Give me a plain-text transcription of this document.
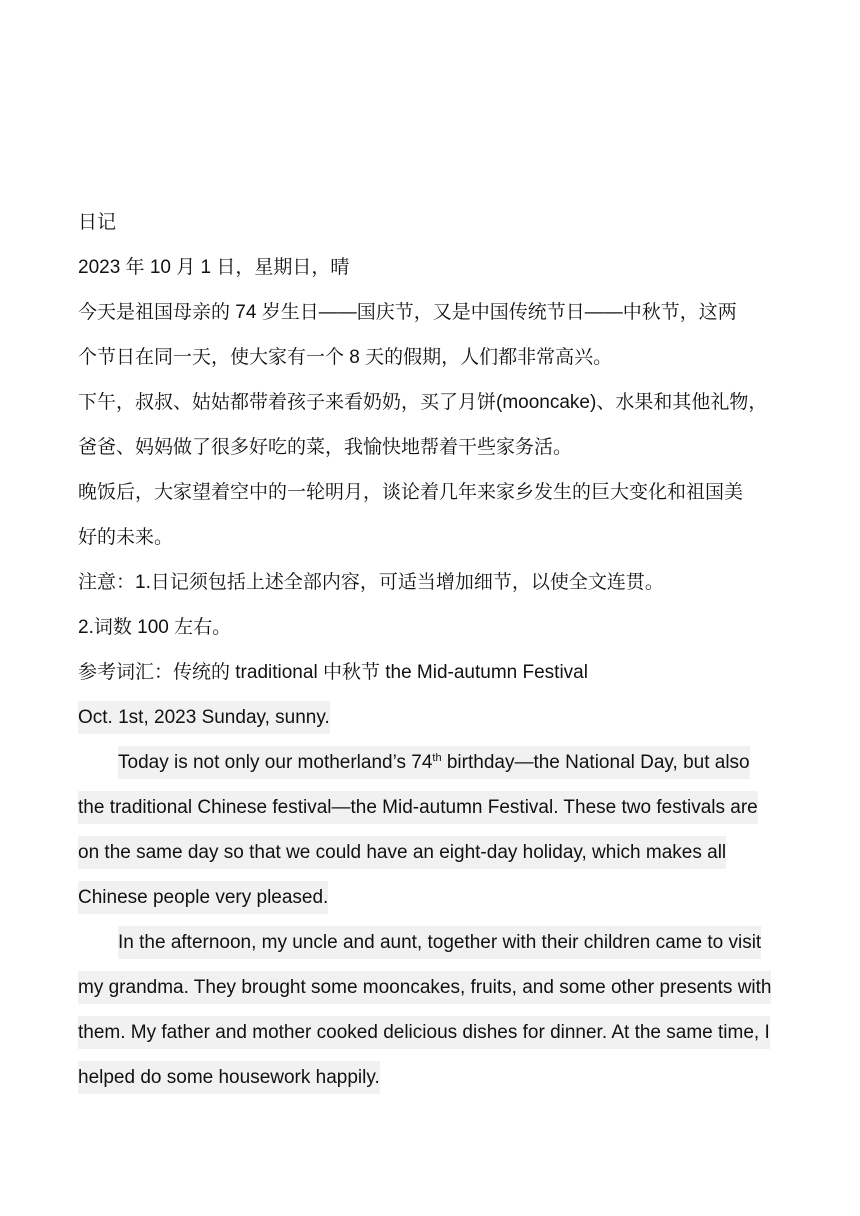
日记
2023 年 10 月 1 日，星期日，晴
今天是祖国母亲的 74 岁生日——国庆节，又是中国传统节日——中秋节，这两
个节日在同一天，使大家有一个 8 天的假期，人们都非常高兴。
下午，叔叔、姑姑都带着孩子来看奶奶，买了月饼(mooncake)、水果和其他礼物，
爸爸、妈妈做了很多好吃的菜，我愉快地帮着干些家务活。
晚饭后，大家望着空中的一轮明月，谈论着几年来家乡发生的巨大变化和祖国美
好的未来。
注意：1.日记须包括上述全部内容，可适当增加细节，以使全文连贯。
2.词数 100 左右。
参考词汇：传统的 traditional 中秋节 the Mid-autumn Festival
Oct. 1st, 2023 Sunday, sunny.

Today is not only our motherland’s 74th birthday—the National Day, but also the traditional Chinese festival—the Mid-autumn Festival. These two festivals are on the same day so that we could have an eight-day holiday, which makes all Chinese people very pleased.

In the afternoon, my uncle and aunt, together with their children came to visit my grandma. They brought some mooncakes, fruits, and some other presents with them. My father and mother cooked delicious dishes for dinner. At the same time, I helped do some housework happily.
